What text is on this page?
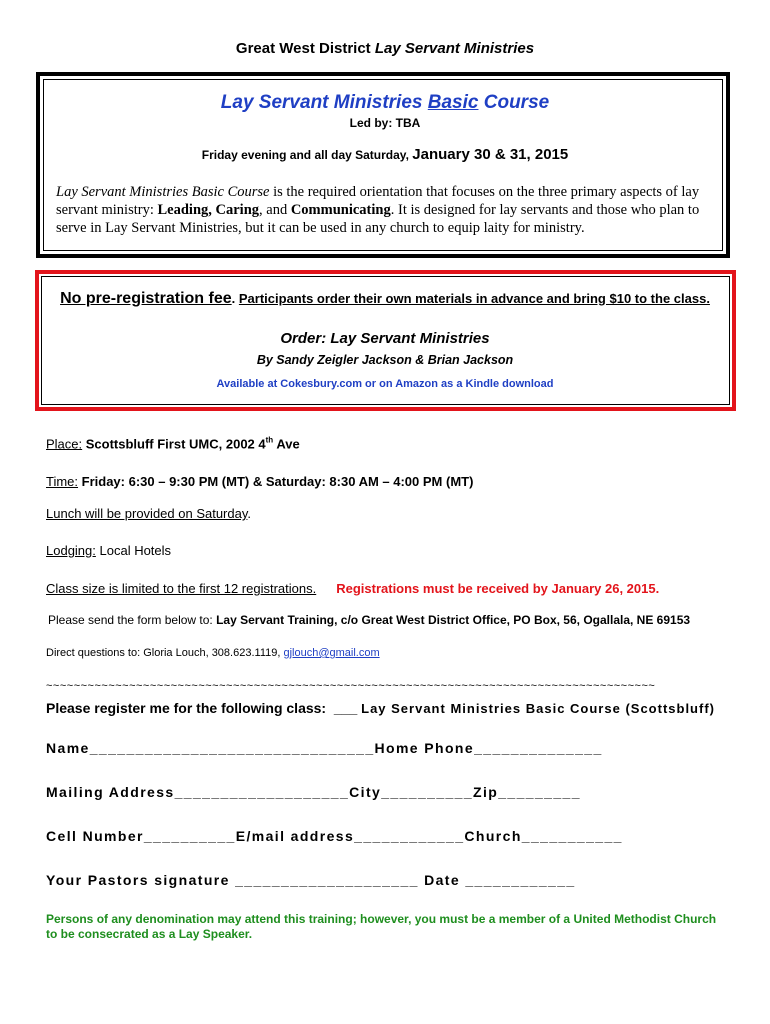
Great West District Lay Servant Ministries
Lay Servant Ministries Basic Course
Led by: TBA
Friday evening and all day Saturday, January 30 & 31, 2015
Lay Servant Ministries Basic Course is the required orientation that focuses on the three primary aspects of lay servant ministry: Leading, Caring, and Communicating. It is designed for lay servants and those who plan to serve in Lay Servant Ministries, but it can be used in any church to equip laity for ministry.
No pre-registration fee. Participants order their own materials in advance and bring $10 to the class.
Order: Lay Servant Ministries
By Sandy Zeigler Jackson & Brian Jackson
Available at Cokesbury.com or on Amazon as a Kindle download
Place: Scottsbluff First UMC, 2002 4th Ave
Time: Friday: 6:30 – 9:30 PM (MT) & Saturday: 8:30 AM – 4:00 PM (MT)
Lunch will be provided on Saturday.
Lodging: Local Hotels
Class size is limited to the first 12 registrations. Registrations must be received by January 26, 2015.
Please send the form below to: Lay Servant Training, c/o Great West District Office, PO Box, 56, Ogallala, NE 69153
Direct questions to: Gloria Louch, 308.623.1119, gjlouch@gmail.com
~~~~~~~~~~~~~~~~~~~~~~~~~~~~~~~~~~~~~~~~~~~~~~~~~~~~~~~~~~~~~~~~~~~~~~~~~~~~~~~~~~~~~~~~
Please register me for the following class: ___ Lay Servant Ministries Basic Course (Scottsbluff)
Name_______________________________Home Phone______________
Mailing Address___________________City__________Zip_________
Cell Number__________E/mail address____________Church___________
Your Pastors signature ____________________ Date ____________
Persons of any denomination may attend this training; however, you must be a member of a United Methodist Church to be consecrated as a Lay Speaker.
